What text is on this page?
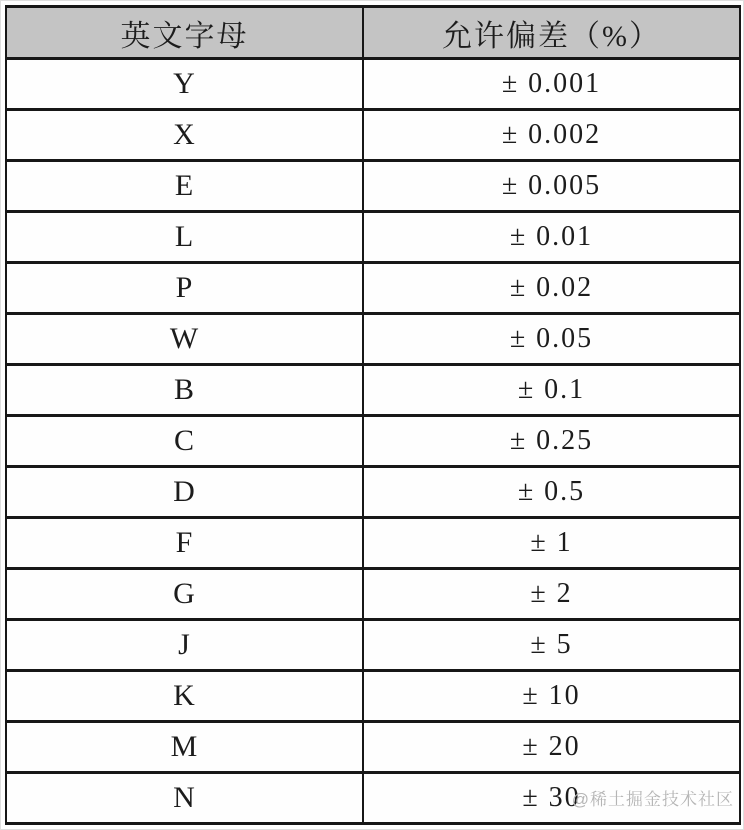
英文字母	允许偏差（%）
Y	± 0.001
X	± 0.002
E	± 0.005
L	± 0.01
P	± 0.02
W	± 0.05
B	± 0.1
C	± 0.25
D	± 0.5
F	± 1
G	± 2
J	± 5
K	± 10
M	± 20
N	± 30
@稀土掘金技术社区
